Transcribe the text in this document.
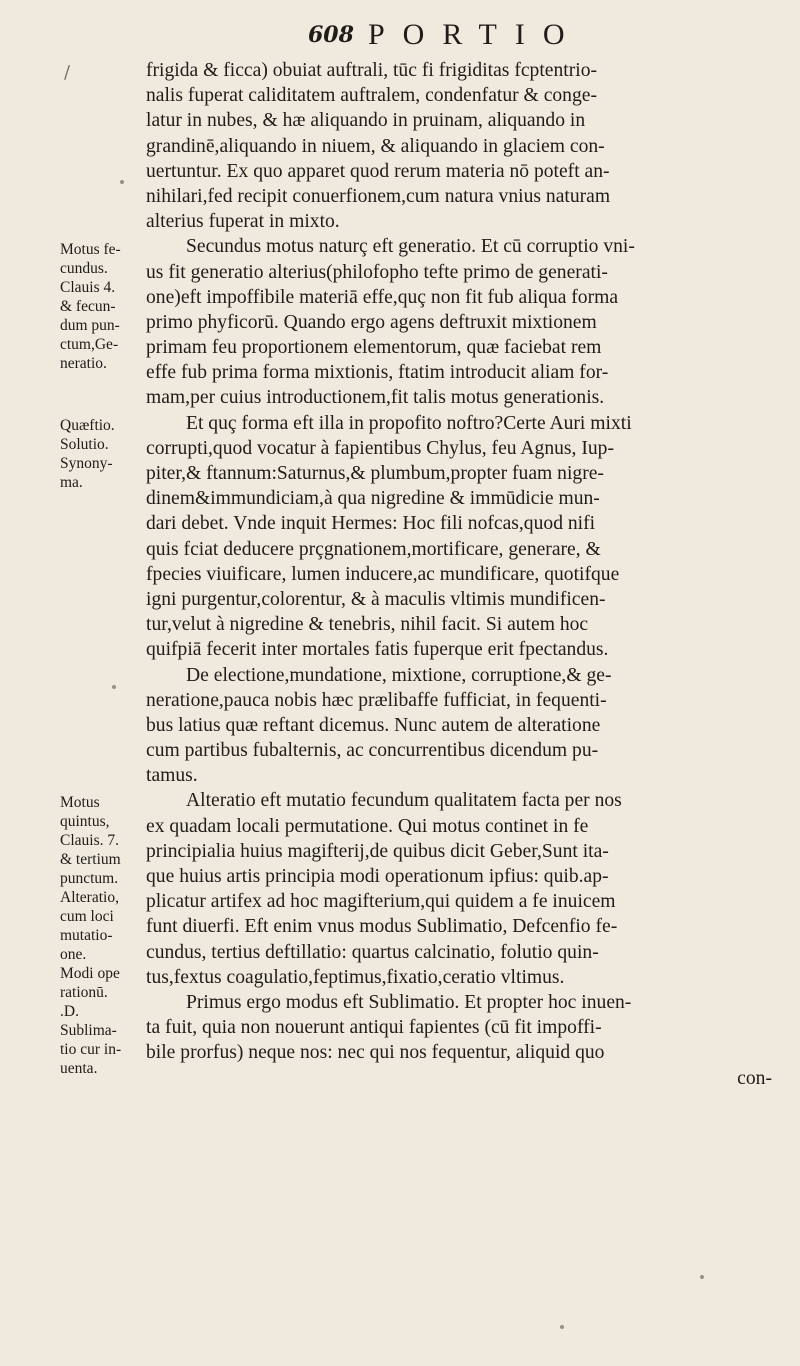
608 PORTIO
frigida & ficca) obuiat auftrali, tūc fi frigiditas fcptentrio-
nalis fuperat caliditatem auftralem, condenfatur & conge-
latur in nubes, & hæ aliquando in pruinam, aliquando in
grandinē,aliquando in niuem, & aliquando in glaciem con-
uertuntur. Ex quo apparet quod rerum materia nō poteft an-
nihilari,fed recipit conuerfionem,cum natura vnius naturam
alterius fuperat in mixto.
Secundus motus naturç eft generatio. Et cū corruptio vni-
us fit generatio alterius(philofopho tefte primo de generati-
one)eft impoffibile materiā effe,quç non fit fub aliqua forma
primo phyficorū. Quando ergo agens deftruxit mixtionem
primam feu proportionem elementorum, quæ faciebat rem
effe fub prima forma mixtionis, ftatim introducit aliam for-
mam,per cuius introductionem,fit talis motus generationis.
Et quç forma eft illa in propofito noftro?Certe Auri mixti
corrupti,quod vocatur à fapientibus Chylus, feu Agnus, Iup-
piter,& ftannum:Saturnus,& plumbum,propter fuam nigre-
dinem&immundiciam,à qua nigredine & immūdicie mun-
dari debet. Vnde inquit Hermes: Hoc fili nofcas,quod nifi
quis fciat deducere prçgnationem,mortificare, generare, &
fpecies viuificare, lumen inducere,ac mundificare, quotifque
igni purgentur,colorentur, & à maculis vltimis mundificen-
tur,velut à nigredine & tenebris, nihil facit. Si autem hoc
quifpiā fecerit inter mortales fatis fuperque erit fpectandus.
De electione,mundatione, mixtione, corruptione,& ge-
neratione,pauca nobis hæc prælibaffe fufficiat, in fequenti-
bus latius quæ reftant dicemus. Nunc autem de alteratione
cum partibus fubalternis, ac concurrentibus dicendum pu-
tamus.
Alteratio eft mutatio fecundum qualitatem facta per nos
ex quadam locali permutatione. Qui motus continet in fe
principialia huius magifterij,de quibus dicit Geber,Sunt ita-
que huius artis principia modi operationum ipfius: quib.ap-
plicatur artifex ad hoc magifterium,qui quidem a fe inuicem
funt diuerfi. Eft enim vnus modus Sublimatio, Defcenfio fe-
cundus, tertius deftillatio: quartus calcinatio, folutio quin-
tus,fextus coagulatio,feptimus,fixatio,ceratio vltimus.
Primus ergo modus eft Sublimatio. Et propter hoc inuen-
ta fuit, quia non nouerunt antiqui fapientes (cū fit impoffi-
bile prorfus) neque nos: nec qui nos fequentur, aliquid quo
con-
Motus fe-
cundus.
Clauis 4.
& fecun-
dum pun-
ctum,Ge-
neratio.
Quæftio.
Solutio.
Synony-
ma.
Motus
quintus,
Clauis. 7.
& tertium
punctum.
Alteratio,
cum loci
mutatio-
one.
Modi ope
rationū.
.D.
Sublima-
tio cur in-
uenta.
/
